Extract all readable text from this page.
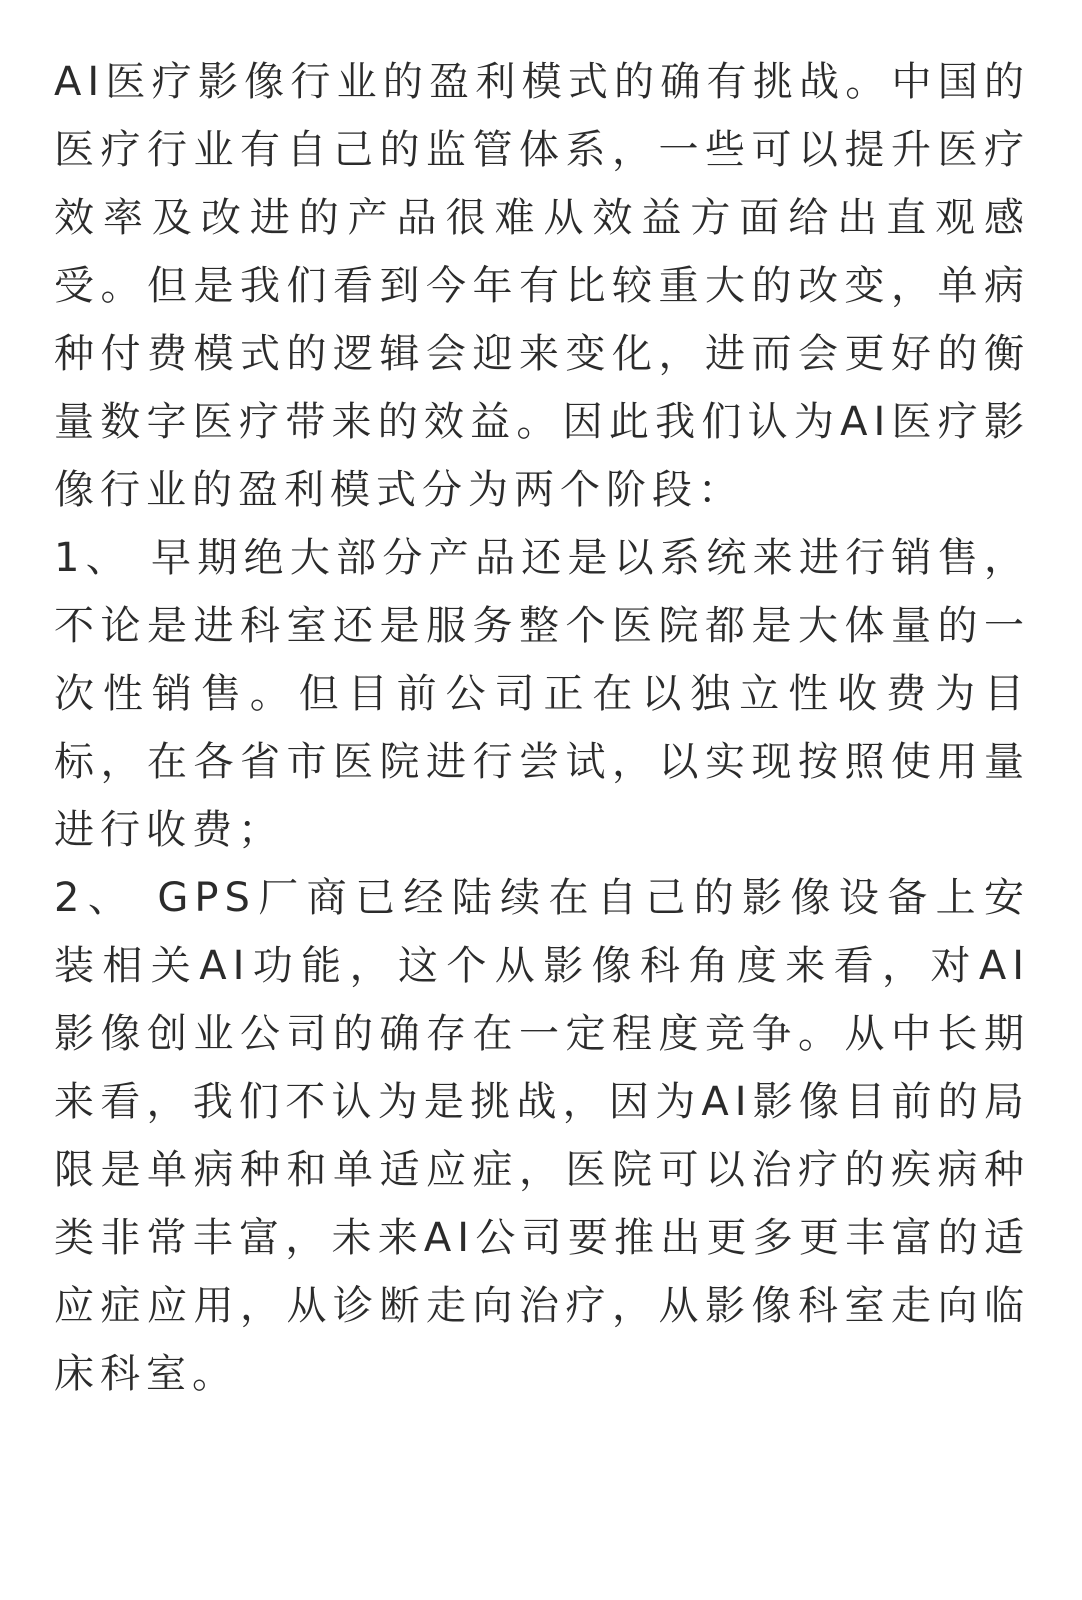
AI医疗影像行业的盈利模式的确有挑战。中国的医疗行业有自己的监管体系，一些可以提升医疗效率及改进的产品很难从效益方面给出直观感受。但是我们看到今年有比较重大的改变，单病种付费模式的逻辑会迎来变化，进而会更好的衡量数字医疗带来的效益。因此我们认为AI医疗影像行业的盈利模式分为两个阶段：

1、 早期绝大部分产品还是以系统来进行销售，不论是进科室还是服务整个医院都是大体量的一次性销售。但目前公司正在以独立性收费为目标，在各省市医院进行尝试，以实现按照使用量进行收费；

2、 GPS厂商已经陆续在自己的影像设备上安装相关AI功能，这个从影像科角度来看，对AI影像创业公司的确存在一定程度竞争。从中长期来看，我们不认为是挑战，因为AI影像目前的局限是单病种和单适应症，医院可以治疗的疾病种类非常丰富，未来AI公司要推出更多更丰富的适应症应用，从诊断走向治疗，从影像科室走向临床科室。
